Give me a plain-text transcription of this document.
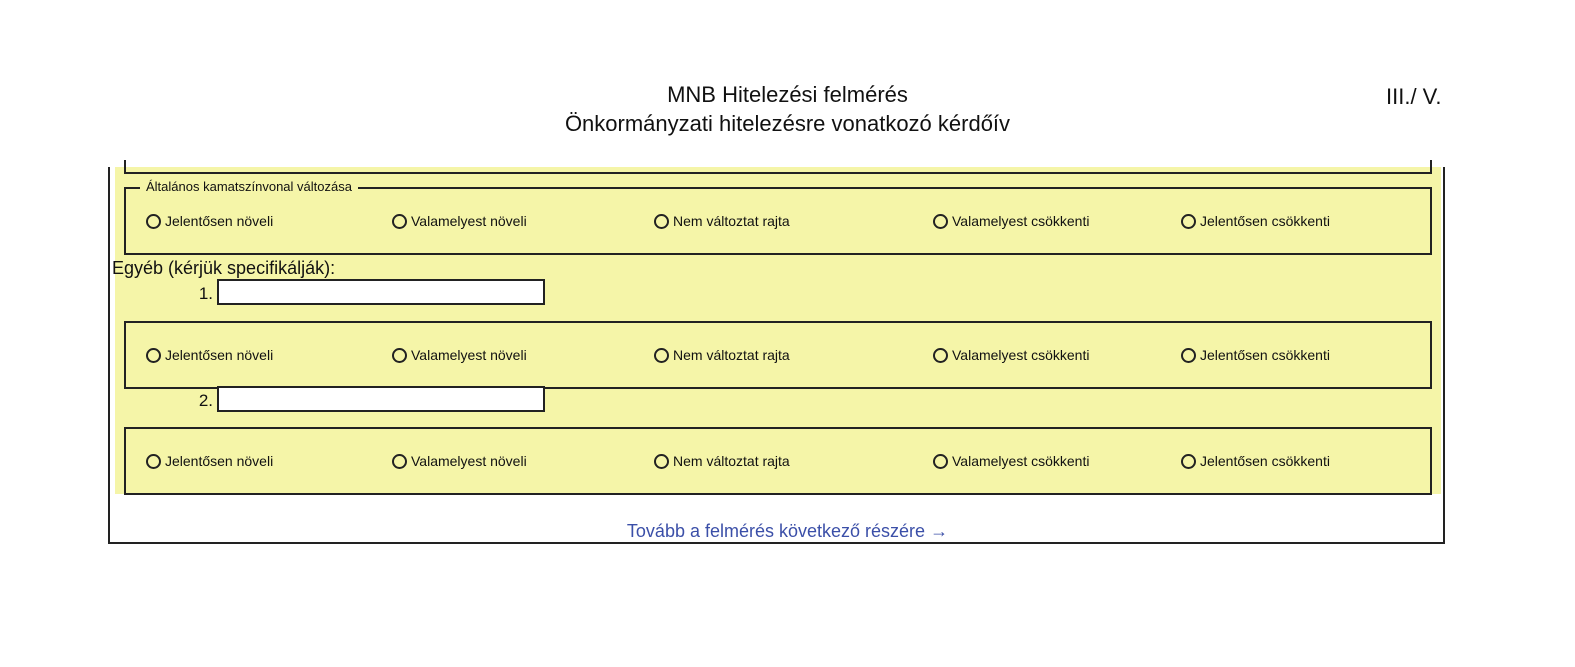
MNB Hitelezési felmérés
Önkormányzati hitelezésre vonatkozó kérdőív
III./ V.
Általános kamatszínvonal változása
Jelentősen növeli	Valamelyest növeli	Nem változtat rajta	Valamelyest csökkenti	Jelentősen csökkenti
Egyéb (kérjük specifikálják):
1.
Jelentősen növeli	Valamelyest növeli	Nem változtat rajta	Valamelyest csökkenti	Jelentősen csökkenti
2.
Jelentősen növeli	Valamelyest növeli	Nem változtat rajta	Valamelyest csökkenti	Jelentősen csökkenti
Tovább a felmérés következő részére →
